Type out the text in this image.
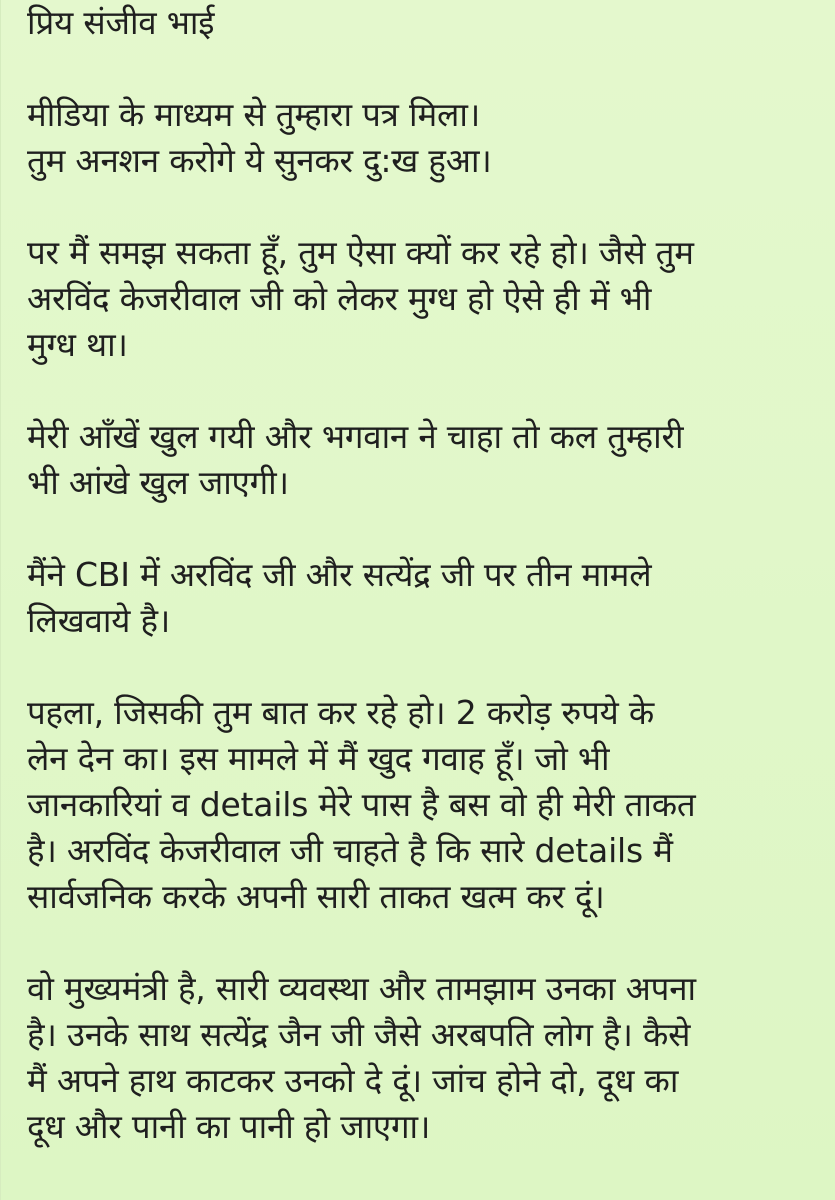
प्रिय संजीव भाई
मीडिया के माध्यम से तुम्हारा पत्र मिला।
तुम अनशन करोगे ये सुनकर दु:ख हुआ।
पर मैं समझ सकता हूँ, तुम ऐसा क्यों कर रहे हो। जैसे तुम
अरविंद केजरीवाल जी को लेकर मुग्ध हो ऐसे ही में भी
मुग्ध था।
मेरी आँखें खुल गयी और भगवान ने चाहा तो कल तुम्हारी
भी आंखे खुल जाएगी।
मैंने CBI में अरविंद जी और सत्येंद्र जी पर तीन मामले
लिखवाये है।
पहला, जिसकी तुम बात कर रहे हो। 2 करोड़ रुपये के
लेन देन का। इस मामले में मैं खुद गवाह हूँ। जो भी
जानकारियां व details मेरे पास है बस वो ही मेरी ताकत
है। अरविंद केजरीवाल जी चाहते है कि सारे details मैं
सार्वजनिक करके अपनी सारी ताकत खत्म कर दूं।
वो मुख्यमंत्री है, सारी व्यवस्था और तामझाम उनका अपना
है। उनके साथ सत्येंद्र जैन जी जैसे अरबपति लोग है। कैसे
मैं अपने हाथ काटकर उनको दे दूं। जांच होने दो, दूध का
दूध और पानी का पानी हो जाएगा।
